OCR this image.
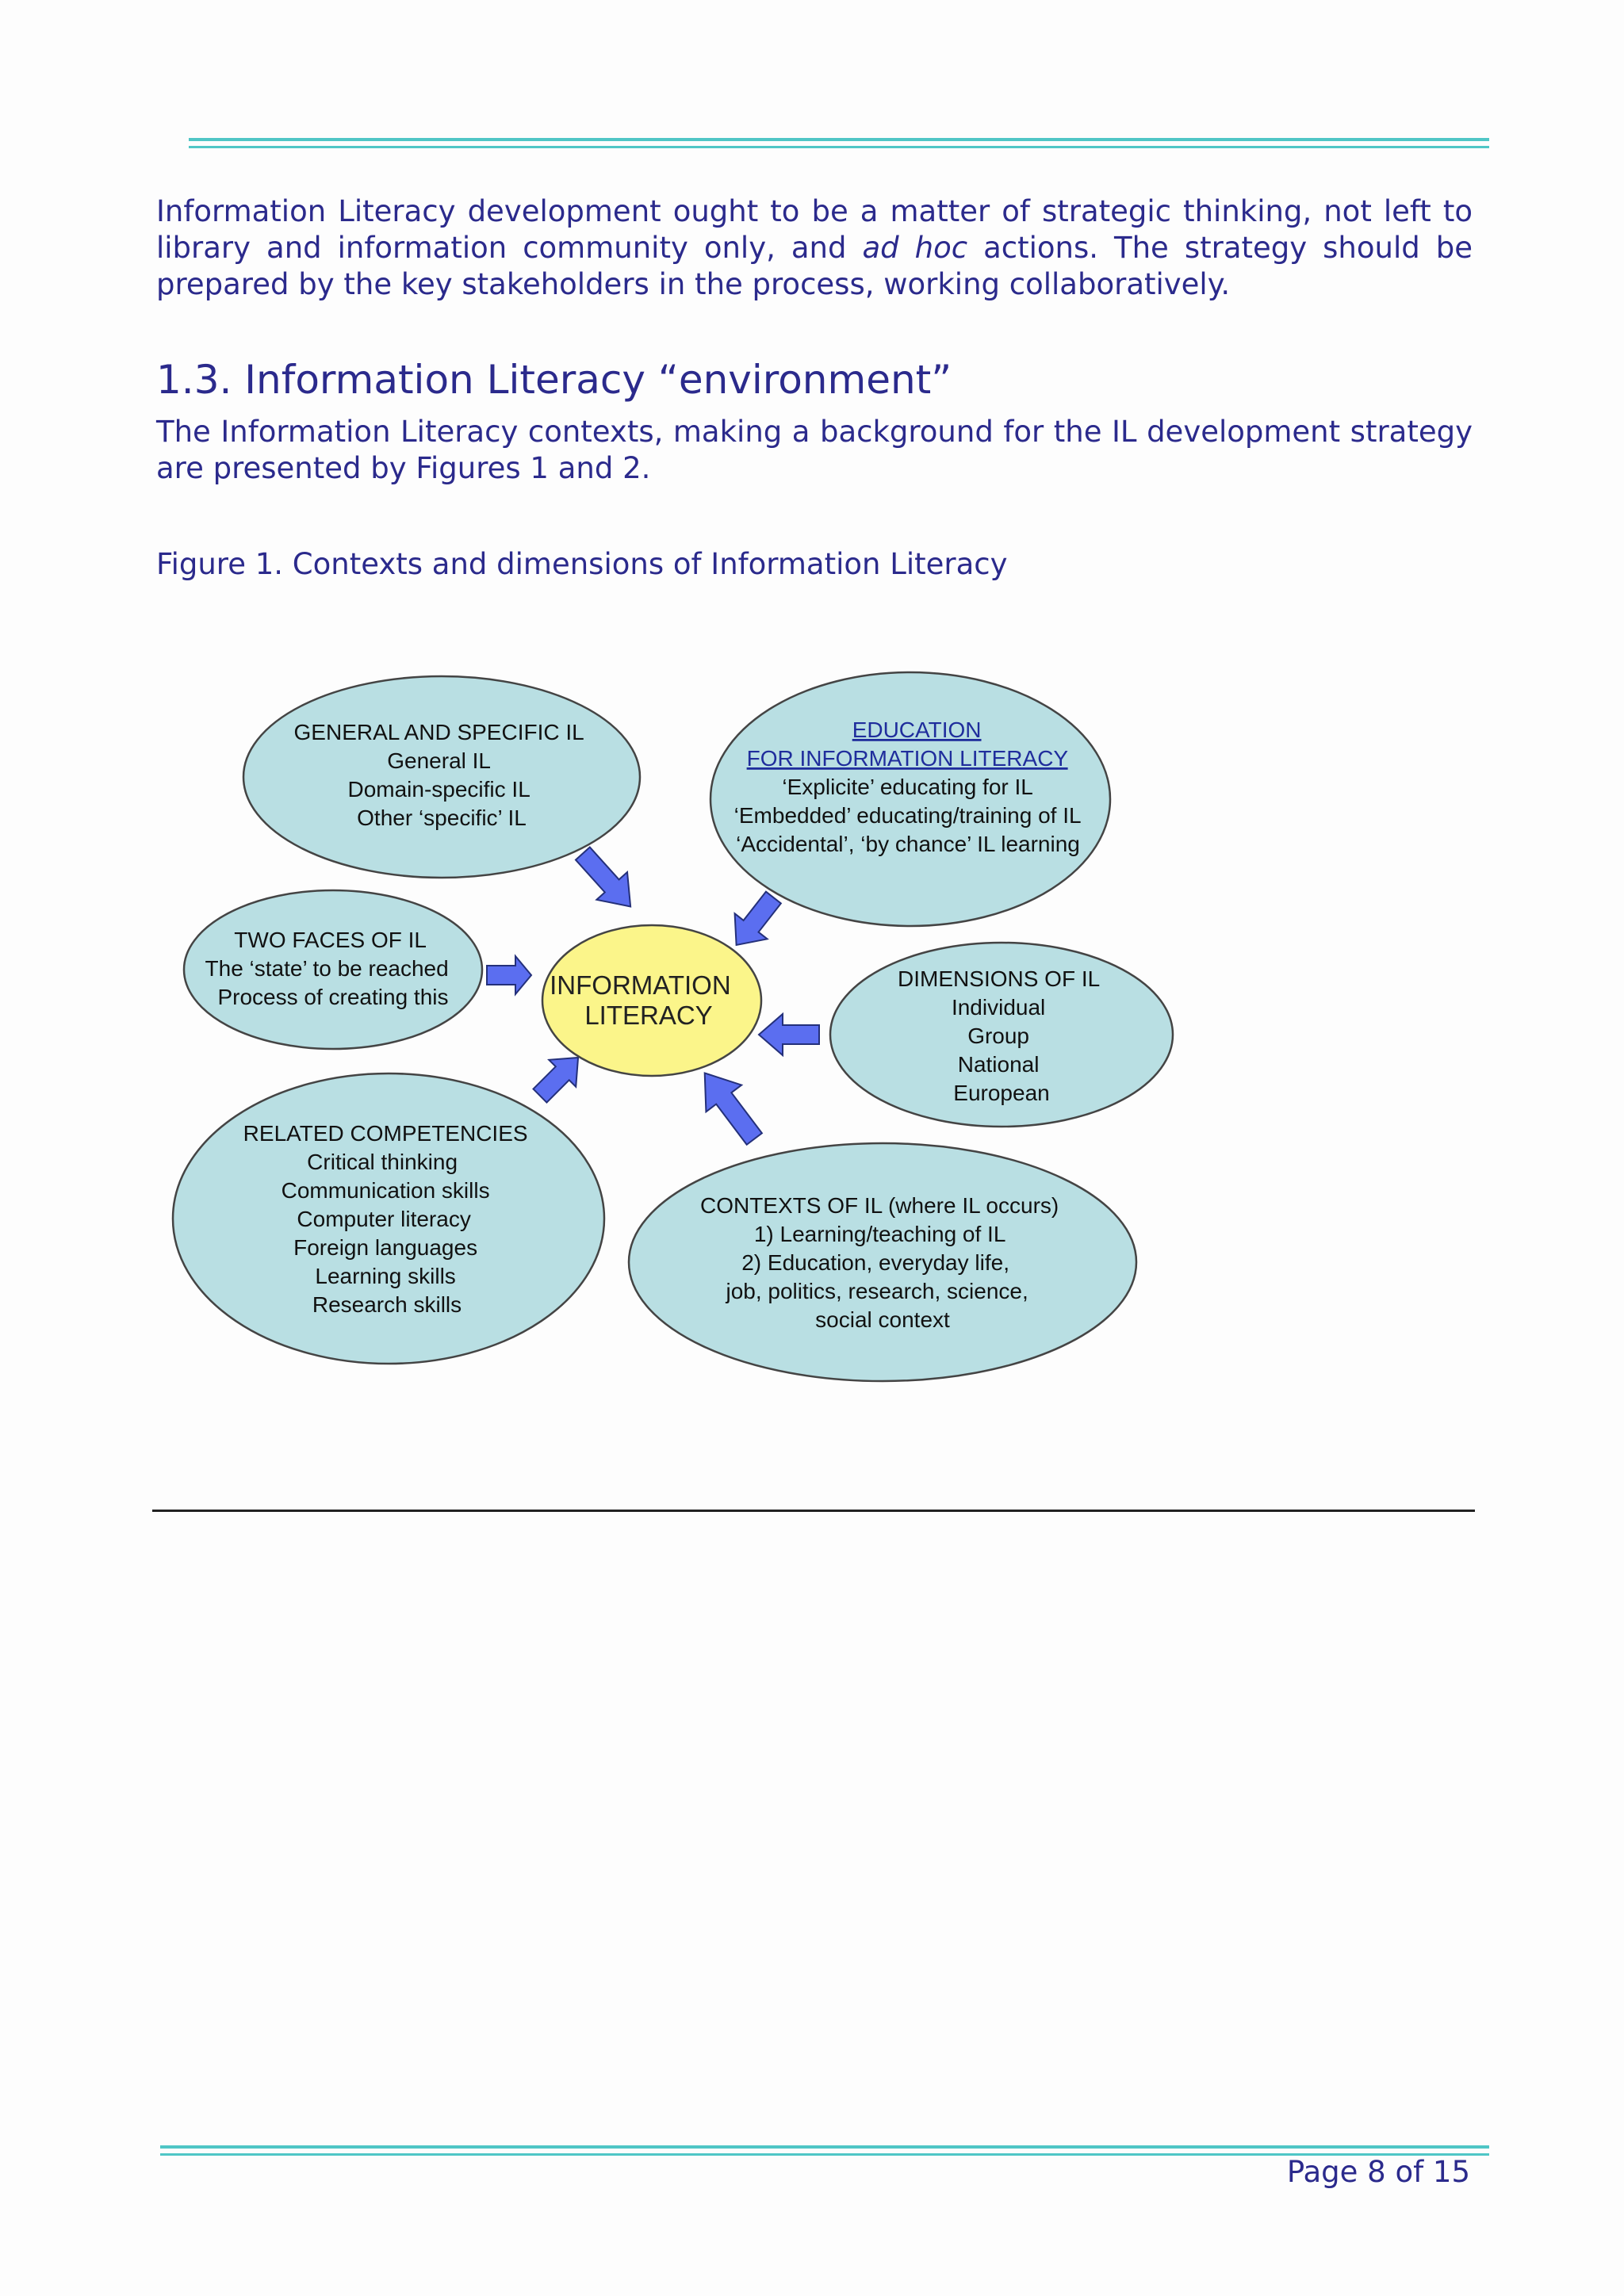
Information Literacy development ought to be a matter of strategic thinking, not left to library and information community only, and ad hoc actions. The strategy should be prepared by the key stakeholders in the process, working collaboratively.

1.3. Information Literacy “environment”

The Information Literacy contexts, making a background for the IL development strategy are presented by Figures 1 and 2.

Figure 1. Contexts and dimensions of Information Literacy

GENERAL AND SPECIFIC IL General IL Domain-specific IL Other ‘specific’ IL
EDUCATION FOR INFORMATION LITERACY ‘Explicite’ educating for IL ‘Embedded’ educating/training of IL ‘Accidental’, ‘by chance’ IL learning
TWO FACES OF IL The ‘state’ to be reached Process of creating this	INFORMATION LITERACY
DIMENSIONS OF IL Individual Group National European
RELATED COMPETENCIES Critical thinking Communication skills Computer literacy Foreign languages Learning skills Research skills
CONTEXTS OF IL (where IL occurs) 1) Learning/teaching of IL 2) Education, everyday life, job, politics, research, science, social context

Page 8 of 15
